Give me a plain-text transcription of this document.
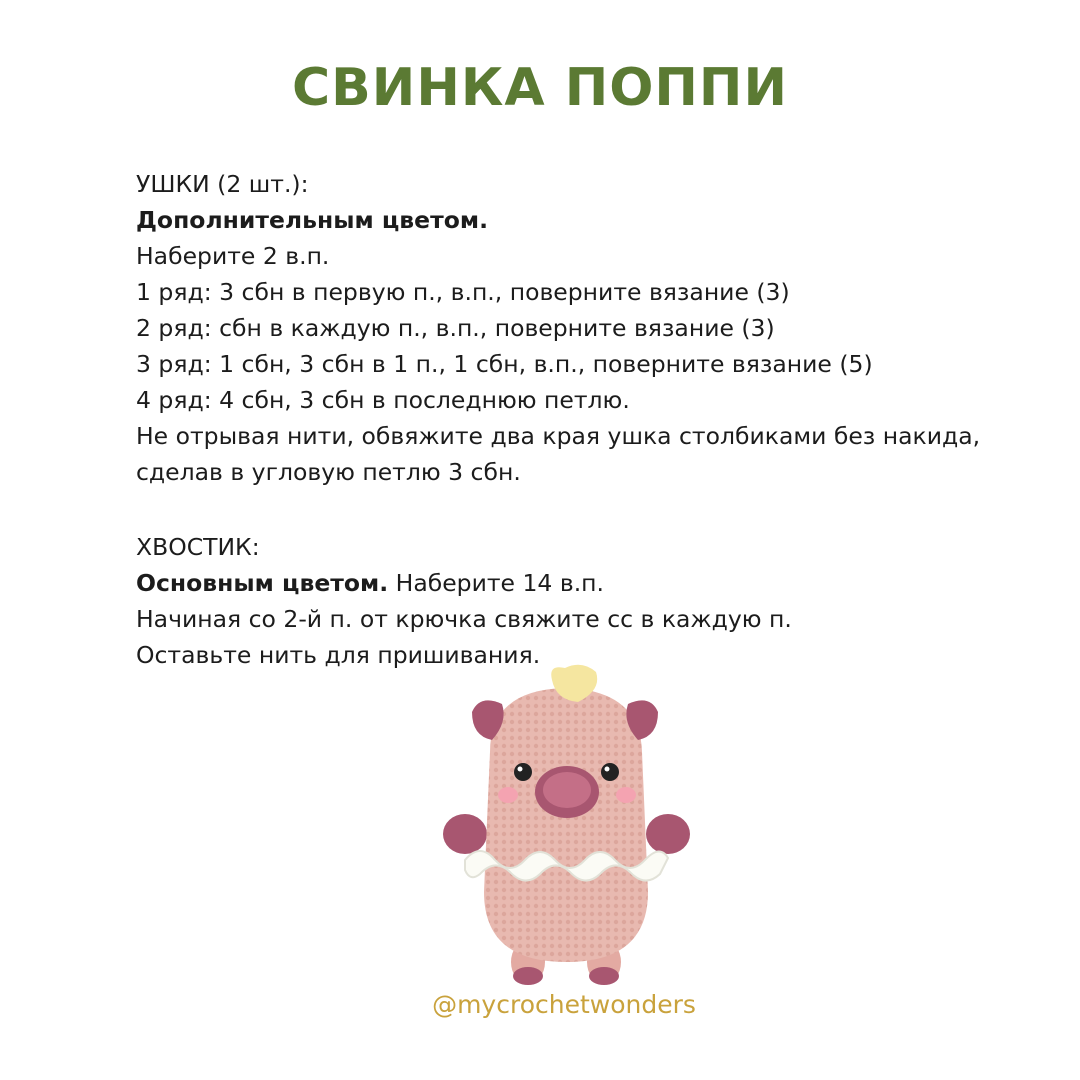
СВИНКА ПОППИ
УШКИ (2 шт.):
Дополнительным цветом.
Наберите 2 в.п.
1 ряд: 3 сбн в первую п., в.п., поверните вязание (3)
2 ряд: сбн в каждую п., в.п., поверните вязание (3)
3 ряд: 1 сбн, 3 сбн в 1 п., 1 сбн, в.п., поверните вязание (5)
4 ряд: 4 сбн, 3 сбн в последнюю петлю.
Не отрывая нити, обвяжите два края ушка столбиками без накида,
сделав в угловую петлю 3 сбн.
ХВОСТИК:
Основным цветом. Наберите 14 в.п.
Начиная со 2-й п. от крючка свяжите сс в каждую п.
Оставьте нить для пришивания.
@mycrochetwonders
